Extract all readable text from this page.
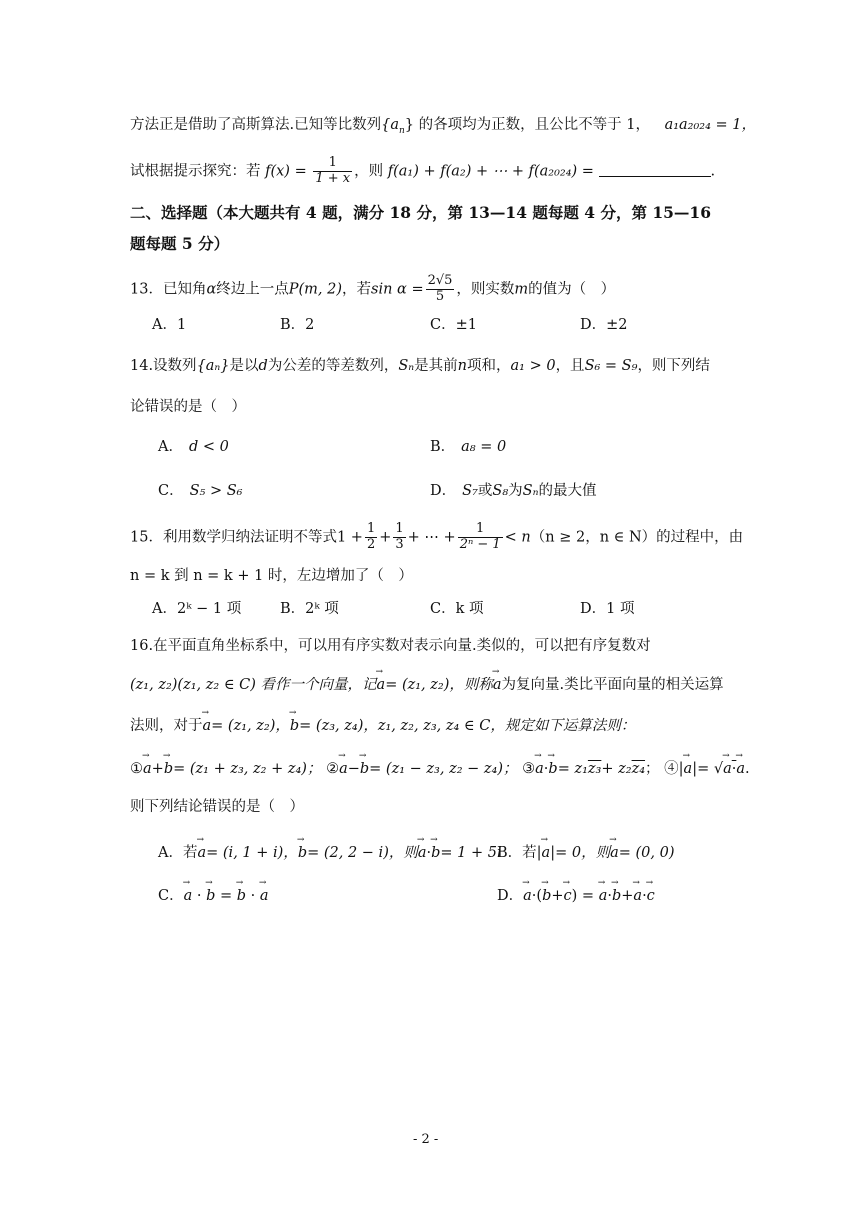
方法正是借助了高斯算法.已知等比数列$\{a_n\}$ 的各项均为正数，且公比不等于 1， a₁a₂₀₂₄ = 1，
试根据提示探究：若 $f(x) = \frac{1}{1 + x}$ ，则 f(a₁) + f(a₂) + ⋯ + f(a₂₀₂₄) =	.
二、选择题（本大题共有 4 题，满分 18 分，第 13—14 题每题 4 分，第 15—16
题每题 5 分）
13．已知角α终边上一点P(m, 2)，若$\sin \alpha = \frac{2√5}{5}$ ，则实数m的值为（　）
A．1	B．2	C．±1	D．±2
14.设数列{aₙ}是以d为公差的等差数列，Sₙ是其前n项和，a₁ > 0，且S₆ = S₉，则下列结
论错误的是（　）
A． d < 0	B． a₈ = 0
C． S₅ > S₆	D． S₇或S₈为Sₙ的最大值
15．利用数学归纳法证明不等式$1 + \frac{1}{2} + \frac{1}{3}$ + ⋯ + $\frac{1}{\text{2ⁿ − 1}} < n(n \ge 2$，n ∈ N）的过程中，由
n = k 到 n = k + 1 时，左边增加了（　）
A．2ᵏ − 1 项	B．2ᵏ 项	C．k 项	D．1 项
16.在平面直角坐标系中，可以用有序实数对表示向量.类似的，可以把有序复数对
(z₁, z₂)(z₁, z₂ ∈ C) 看作一个向量，记→ a= (z₁, z₂)，则称→ a为复向量.类比平面向量的相关运算
法则，对于→ a= (z₁, z₂)，→ b= (z₃, z₄)，z₁, z₂, z₃, z₄ ∈ C，规定如下运算法则：
①→ a+→ b= (z₁ + z₃, z₂ + z₄)； ②→ a−→ b= (z₁ − z₃, z₂ − z₄)； ③→ a·→ b= z₁z₃+ z₂z₄； ④|→ a|= √→ a·→ a.
则下列结论错误的是（　）
A．若→ a= (i, 1 + i)，→ b= (2, 2 − i)，则→ a·→ b= 1 + 5i
B．若|→ a|= 0，则→ a= (0, 0)
C．→ a · → b = → b · → a	D．→ a·(→ b+→ c) = → a·→ b+→ a·→ c
- 2 -
